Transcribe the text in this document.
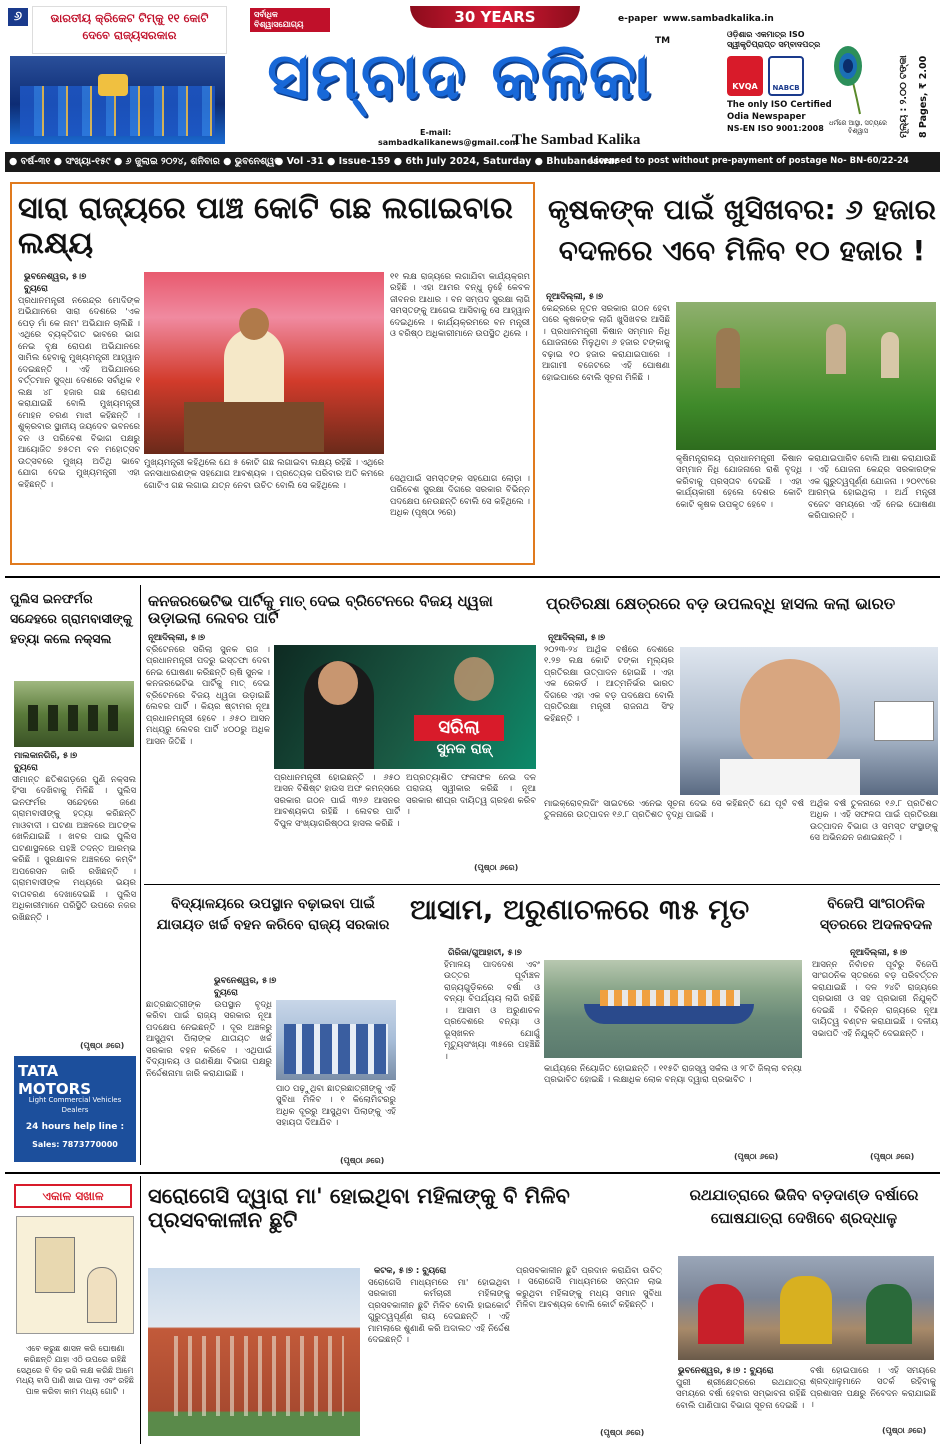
୬	ଭାରତୀୟ କ୍ରିକେଟ ଟିମ୍‌କୁ ୧୧ କୋଟି ଦେବେ ରାଜ୍ୟସରକାର
ସର୍ବାଧିକ ବିଶ୍ୱାସଯୋଗ୍ୟ ସମ୍ବାଦପତ୍ର
30 YEARS
ସମ୍ବାଦ କଳିକା TM
E-mail:
sambadkalikanews@gmail.com
The Sambad Kalika
e-paper www.sambadkalika.in
ଓଡ଼ିଶାର ଏକମାତ୍ର ISO ସ୍ୱୀକୃତିପ୍ରାପ୍ତ ସମ୍ବାଦପତ୍ର
KVQA	NABCB
The only ISO Certified
Odia Newspaper
NS-EN ISO 9001:2008
ଧର୍ମରେ ଆସ୍ଥା, ସତ୍ୟରେ ବିଶ୍ୱାସ	ମୂଲ୍ୟ : ୨.୦୦ ଟଙ୍କା 8 Pages, ₹ 2.00
● ବର୍ଷ-୩୧ ● ସଂଖ୍ୟା-୧୫୯ ● ୬ ଜୁଲାଇ ୨୦୨୪, ଶନିବାର ● ଭୁବନେଶ୍ୱର
● Vol -31 ● Issue-159 ● 6th July 2024, Saturday ● Bhubaneswar
Licensed to post without pre-payment of postage No- BN-60/22-24
ସାରା ରାଜ୍ୟରେ ପାଞ୍ଚ କୋଟି ଗଛ ଲଗାଇବାର ଲକ୍ଷ୍ୟ
ଭୁବନେଶ୍ୱର, ୫।୭
ବ୍ୟୁରୋ
ପ୍ରଧାନମନ୍ତ୍ରୀ ନରେନ୍ଦ୍ର ମୋଦିଙ୍କ ଅଭିଯାନରେ ସାରା ଦେଶରେ 'ଏକ ପେଡ଼ ମାଁ କେ ନାମ' ଅଭିଯାନ ଚାଲିଛି । ଏଥିରେ ବ୍ୟକ୍ତିଗତ ଭାବରେ ଭାଗ ନେଇ ବୃକ୍ଷ ରୋପଣ ଅଭିଯାନରେ ସାମିଲ ହେବାକୁ ମୁଖ୍ୟମନ୍ତ୍ରୀ ଆହ୍ୱାନ ଦେଇଛନ୍ତି । ଏହି ଅଭିଯାନରେ ବର୍ତ୍ତମାନ ସୁଦ୍ଧା ଦେଶରେ ସର୍ବାଧିକ ୧ ଲକ୍ଷ ୪୮ ହଜାର ଗଛ ରୋପଣ କରାଯାଇଛି ବୋଲି ମୁଖ୍ୟମନ୍ତ୍ରୀ ମୋହନ ଚରଣ ମାଝୀ କହିଛନ୍ତି । ଶୁକ୍ରବାର ସ୍ଥାନୀୟ ଜୟଦେବ ଭବନରେ ବନ ଓ ପରିବେଶ ବିଭାଗ ପକ୍ଷରୁ ଆୟୋଜିତ ୭୫ତମ ବନ ମହୋତ୍ସବ ଉତ୍ସବରେ ମୁଖ୍ୟ ଅତିଥି ଭାବେ ଯୋଗ ଦେଇ ମୁଖ୍ୟମନ୍ତ୍ରୀ ଏହା କହିଛନ୍ତି ।
ମୁଖ୍ୟମନ୍ତ୍ରୀ କହିଥିଲେ ଯେ ୫ କୋଟି ଗଛ ଲଗାଇବା ଲକ୍ଷ୍ୟ ରହିଛି । ଏଥିରେ ଜନସାଧାରଣଙ୍କ ସହଯୋଗ ଆବଶ୍ୟକ । ପ୍ରତ୍ୟେକ ପରିବାର ଅତି କମରେ ଗୋଟିଏ ଗଛ ଲଗାଇ ଯତ୍ନ ନେବା ଉଚିତ ବୋଲି ସେ କହିଥିଲେ ।
୧୧ ଲକ୍ଷ ରାଜ୍ୟରେ ଲଗାଯିବା କାର୍ଯ୍ୟକ୍ରମ ରହିଛି । ଏହା ଆମର ବନ୍ଧୁ ନୁହେଁ କେବଳ ଜୀବନର ଆଧାର । ବନ ସମ୍ପଦ ସୁରକ୍ଷା ଲାଗି ସମସ୍ତଙ୍କୁ ଆଗେଇ ଆସିବାକୁ ସେ ଆହ୍ୱାନ ଦେଇଥିଲେ । କାର୍ଯ୍ୟକ୍ରମରେ ବନ ମନ୍ତ୍ରୀ ଓ ବରିଷ୍ଠ ଅଧିକାରୀମାନେ ଉପସ୍ଥିତ ଥିଲେ ।
ସେଥିପାଇଁ ସମସ୍ତଙ୍କ ସହଯୋଗ ଲୋଡ଼ା । ପରିବେଶ ସୁରକ୍ଷା ଦିଗରେ ସରକାର ବିଭିନ୍ନ ପଦକ୍ଷେପ ନେଉଛନ୍ତି ବୋଲି ସେ କହିଥିଲେ । ଅଧିକ (ପୃଷ୍ଠା ୨ରେ)
କୃଷକଙ୍କ ପାଇଁ ଖୁସିଖବର: ୬ ହଜାର ବଦଳରେ ଏବେ ମିଳିବ ୧୦ ହଜାର !
ନୂଆଦିଲ୍ଲୀ, ୫।୭
କେନ୍ଦ୍ରରେ ନୂତନ ସରକାର ଗଠନ ହେବା ପରେ କୃଷକଙ୍କ ଲାଗି ଖୁସିଖବର ଆସିଛି । ପ୍ରଧାନମନ୍ତ୍ରୀ କିଷାନ ସମ୍ମାନ ନିଧି ଯୋଜନାରେ ମିଳୁଥିବା ୬ ହଜାର ଟଙ୍କାକୁ ବଢ଼ାଇ ୧୦ ହଜାର କରାଯାଇପାରେ । ଆଗାମୀ ବଜେଟରେ ଏହି ଘୋଷଣା ହୋଇପାରେ ବୋଲି ସୂଚନା ମିଳିଛି ।
କୃଷିମନ୍ତ୍ରାଳୟ ପ୍ରଧାନମନ୍ତ୍ରୀ କିଷାନ ସମ୍ମାନ ନିଧି ଯୋଜନାରେ ରାଶି ବୃଦ୍ଧି କରିବାକୁ ପ୍ରସ୍ତାବ ଦେଇଛି । ଏହା କାର୍ଯ୍ୟକାରୀ ହେଲେ ଦେଶର କୋଟି କୋଟି କୃଷକ ଉପକୃତ ହେବେ ।
କରାଯାଇପାରିବ ବୋଲି ଆଶା କରାଯାଉଛି । ଏହି ଯୋଜନା କେନ୍ଦ୍ର ସରକାରଙ୍କ ଏକ ଗୁରୁତ୍ୱପୂର୍ଣ୍ଣ ଯୋଜନା । ୨୦୧୯ରେ ଆରମ୍ଭ ହୋଇଥିଲା । ଅର୍ଥ ମନ୍ତ୍ରୀ ବଜେଟ ସମୟରେ ଏହି ନେଇ ଘୋଷଣା କରିପାରନ୍ତି ।
ପୁଲିସ ଇନଫର୍ମର ସନ୍ଦେହରେ ଗ୍ରାମବାସୀଙ୍କୁ ହତ୍ୟା କଲେ ନକ୍ସଲ
ମାଲକାନଗିରି, ୫।୭
ବ୍ୟୁରୋ
ସୀମାନ୍ତ ଛତିଶଗଡ଼ରେ ପୁଣି ନକ୍ସଲ ହିଂସା ଦେଖିବାକୁ ମିଳିଛି । ପୁଲିସ ଇନଫର୍ମର ସନ୍ଦେହରେ ଜଣେ ଗ୍ରାମବାସୀଙ୍କୁ ହତ୍ୟା କରିଛନ୍ତି ମାଓବାଦୀ । ଘଟଣା ଅଞ୍ଚଳରେ ଆତଙ୍କ ଖେଳିଯାଇଛି । ଖବର ପାଇ ପୁଲିସ ଘଟଣାସ୍ଥଳରେ ପହଞ୍ଚି ତଦନ୍ତ ଆରମ୍ଭ କରିଛି । ସୁରକ୍ଷାବଳ ଅଞ୍ଚଳରେ କମ୍ବିଂ ଅପରେସନ ଜାରି ରଖିଛନ୍ତି । ଗ୍ରାମବାସୀଙ୍କ ମଧ୍ୟରେ ଭୟର ବାତାବରଣ ଦେଖାଦେଇଛି । ପୁଲିସ ଅଧିକାରୀମାନେ ପରିସ୍ଥିତି ଉପରେ ନଜର ରଖିଛନ୍ତି ।
(ପୃଷ୍ଠା ୬ରେ)
TATA MOTORS
Light Commercial Vehicles
Dealers
24 hours help line :
Sales: 7873770000
କନଜରଭେଟିଭ ପାର୍ଟିକୁ ମାତ୍ ଦେଇ ବ୍ରିଟେନରେ ବିଜୟ ଧ୍ୱଜା ଉଡ଼ାଇଲା ଲେବର ପାର୍ଟି
ନୂଆଦିଲ୍ଲୀ, ୫।୭
ବ୍ରିଟେନରେ ସରିଲା ସୁନକ ରାଜ । ପ୍ରଧାନମନ୍ତ୍ରୀ ପଦରୁ ଇସ୍ତଫା ଦେବା ନେଇ ଘୋଷଣା କରିଛନ୍ତି ଋଷି ସୁନକ । କନଜରଭେଟିଭ ପାର୍ଟିକୁ ମାତ୍ ଦେଇ ବ୍ରିଟେନରେ ବିଜୟ ଧ୍ୱଜା ଉଡ଼ାଇଛି ଲେବର ପାର୍ଟି । କିୟର ଷ୍ଟାମର ନୂଆ ପ୍ରଧାନମନ୍ତ୍ରୀ ହେବେ । ୬୫୦ ଆସନ ମଧ୍ୟରୁ ଲେବର ପାର୍ଟି ୪୦୦ରୁ ଅଧିକ ଆସନ ଜିତିଛି ।
ସରିଲା
ସୁନକ ରାଜ୍
ପ୍ରଧାନମନ୍ତ୍ରୀ ହୋଇଛନ୍ତି । ୬୫୦ ଆସନ ବିଶିଷ୍ଟ ହାଉସ ଅଫ କମନ୍ସରେ ସରକାର ଗଠନ ପାଇଁ ୩୨୬ ଆସନର ଆବଶ୍ୟକତା ରହିଛି । ଲେବର ପାର୍ଟି ବିପୁଳ ସଂଖ୍ୟାଗରିଷ୍ଠତା ହାସଲ କରିଛି ।
ଅପ୍ରତ୍ୟାଶିତ ଫଳାଫଳ ନେଇ ଦଳ ପରାଜୟ ସ୍ୱୀକାର କରିଛି । ନୂଆ ସରକାର ଶୀଘ୍ର ଦାୟିତ୍ୱ ଗ୍ରହଣ କରିବ ।
(ପୃଷ୍ଠା ୬ରେ)
ପ୍ରତିରକ୍ଷା କ୍ଷେତ୍ରରେ ବଡ଼ ଉପଲବ୍ଧି ହାସଲ କଲା ଭାରତ
ନୂଆଦିଲ୍ଲୀ, ୫।୭
୨୦୨୩-୨୪ ଆର୍ଥିକ ବର୍ଷରେ ଦେଶରେ ୧.୨୭ ଲକ୍ଷ କୋଟି ଟଙ୍କା ମୂଲ୍ୟର ପ୍ରତିରକ୍ଷା ଉତ୍ପାଦନ ହୋଇଛି । ଏହା ଏକ ରେକର୍ଡ । ଆତ୍ମନିର୍ଭର ଭାରତ ଦିଗରେ ଏହା ଏକ ବଡ଼ ପଦକ୍ଷେପ ବୋଲି ପ୍ରତିରକ୍ଷା ମନ୍ତ୍ରୀ ରାଜନାଥ ସିଂହ କହିଛନ୍ତି ।
ମାଇକ୍ରୋବ୍ଲଗିଂ ସାଇଟରେ ଏନେଇ ସୂଚନା ଦେଇ ସେ କହିଛନ୍ତି ଯେ ପୂର୍ବ ବର୍ଷ ତୁଳନାରେ ଉତ୍ପାଦନ ୧୬.୮ ପ୍ରତିଶତ ବୃଦ୍ଧି ପାଇଛି ।
ଅର୍ଥିକ ବର୍ଷ ତୁଳନାରେ ୧୬.୮ ପ୍ରତିଶତ ଅଧିକ । ଏହି ସଫଳତା ପାଇଁ ପ୍ରତିରକ୍ଷା ଉତ୍ପାଦନ ବିଭାଗ ଓ ସମସ୍ତ ସଂସ୍ଥାଙ୍କୁ ସେ ଅଭିନନ୍ଦନ ଜଣାଇଛନ୍ତି ।
ବିଦ୍ୟାଳୟରେ ଉପସ୍ଥାନ ବଢ଼ାଇବା ପାଇଁ ଯାତାୟତ ଖର୍ଚ୍ଚ ବହନ କରିବେ ରାଜ୍ୟ ସରକାର
ଭୁବନେଶ୍ୱର, ୫।୭
ବ୍ୟୁରୋ
ଛାତ୍ରଛାତ୍ରୀଙ୍କ ଉପସ୍ଥାନ ବୃଦ୍ଧି କରିବା ପାଇଁ ରାଜ୍ୟ ସରକାର ନୂଆ ପଦକ୍ଷେପ ନେଇଛନ୍ତି । ଦୂର ଅଞ୍ଚଳରୁ ଆସୁଥିବା ପିଲାଙ୍କ ଯାତାୟତ ଖର୍ଚ୍ଚ ସରକାର ବହନ କରିବେ । ଏଥିପାଇଁ ବିଦ୍ୟାଳୟ ଓ ଗଣଶିକ୍ଷା ବିଭାଗ ପକ୍ଷରୁ ନିର୍ଦ୍ଦେଶନାମା ଜାରି କରାଯାଇଛି ।
ପାଠ ପଢ଼ୁଥିବା ଛାତ୍ରଛାତ୍ରୀଙ୍କୁ ଏହି ସୁବିଧା ମିଳିବ । ୧ କିଲୋମିଟରରୁ ଅଧିକ ଦୂରରୁ ଆସୁଥିବା ପିଲାଙ୍କୁ ଏହି ସହାୟତା ଦିଆଯିବ ।
(ପୃଷ୍ଠା ୬ରେ)
ଆସାମ, ଅରୁଣାଚଳରେ ୩୫ ମୃତ
ଗିରିଜା/ଗୁଆହାଟୀ, ୫।୭
ହିମାଳୟ ପାଦଦେଶ ଏବଂ ଉତ୍ତର ପୂର୍ବାଞ୍ଚଳ ରାଜ୍ୟଗୁଡ଼ିକରେ ବର୍ଷା ଓ ବନ୍ୟା ବିପର୍ଯ୍ୟୟ ଲାଗି ରହିଛି । ଆସାମ ଓ ଅରୁଣାଚଳ ପ୍ରଦେଶରେ ବନ୍ୟା ଓ ଭୂସ୍ଖଳନ ଯୋଗୁଁ ମୃତ୍ୟୁସଂଖ୍ୟା ୩୫ରେ ପହଞ୍ଚିଛି ।
କାର୍ଯ୍ୟରେ ନିୟୋଜିତ ହୋଇଛନ୍ତି । ୧୧୫ଟି ରାଜସ୍ୱ ସର୍କଲ ଓ ୨୮ଟି ଜିଲ୍ଲା ବନ୍ୟା ପ୍ରଭାବିତ ହୋଇଛି । ଲକ୍ଷାଧିକ ଲୋକ ବନ୍ୟା ଦ୍ୱାରା ପ୍ରଭାବିତ ।
(ପୃଷ୍ଠା ୬ରେ)
ବିଜେପି ସାଂଗଠନିକ ସ୍ତରରେ ଅଦଳବଦଳ
ନୂଆଦିଲ୍ଲୀ, ୫।୭
ଆସନ୍ନ ନିର୍ବାଚନ ପୂର୍ବରୁ ବିଜେପି ସାଂଗଠନିକ ସ୍ତରରେ ବଡ଼ ପରିବର୍ତ୍ତନ କରାଯାଇଛି । ଦଳ ୨୪ଟି ରାଜ୍ୟରେ ପ୍ରଭାରୀ ଓ ସହ ପ୍ରଭାରୀ ନିଯୁକ୍ତି ଦେଇଛି । ବିଭିନ୍ନ ରାଜ୍ୟରେ ନୂଆ ଦାୟିତ୍ୱ ବଣ୍ଟନ କରାଯାଇଛି । ଦଳୀୟ ସଭାପତି ଏହି ନିଯୁକ୍ତି ଦେଇଛନ୍ତି ।
(ପୃଷ୍ଠା ୬ରେ)
ଏକାଳ ସଖାଳ
ଏବେ କରୁଛ ଶାସନ କରି ଘୋଷଣା କରିଛନ୍ତି ଯାହା ଏଠି ଉପରେ ରହିଛି ସେଥିରେ ବି ଦିହ ଭରି ଲକ୍ଷ କରିଛି ଆମେ ମଧ୍ୟ ବାସି ପାଣି ଖାଇ ପାଲା ଏବଂ ରହିଛି ପାଳ କରିବା କାମ ମଧ୍ୟ ଗୋଟି ।
ସରୋଗେସି ଦ୍ୱାରା ମା' ହୋଇଥିବା ମହିଳାଙ୍କୁ ବି ମିଳିବ ପ୍ରସବକାଳୀନ ଛୁଟି
କଟକ, ୫।୭ : ବ୍ୟୁରୋ
ସରୋଗେସି ମାଧ୍ୟମରେ ମା' ହୋଇଥିବା ସରକାରୀ କର୍ମଚାରୀ ମହିଳାଙ୍କୁ ପ୍ରସବକାଳୀନ ଛୁଟି ମିଳିବ ବୋଲି ହାଇକୋର୍ଟ ଗୁରୁତ୍ୱପୂର୍ଣ୍ଣ ରାୟ ଦେଇଛନ୍ତି । ଏହି ମାମଲାରେ ଶୁଣାଣି କରି ଅଦାଲତ ଏହି ନିର୍ଦ୍ଦେଶ ଦେଇଛନ୍ତି ।
ପ୍ରସବକାଳୀନ ଛୁଟି ପ୍ରଦାନ କରାଯିବା ଉଚିତ୍ । ସରୋଗେସି ମାଧ୍ୟମରେ ସନ୍ତାନ ଲାଭ କରୁଥିବା ମହିଳାଙ୍କୁ ମଧ୍ୟ ସମାନ ସୁବିଧା ମିଳିବା ଆବଶ୍ୟକ ବୋଲି କୋର୍ଟ କହିଛନ୍ତି ।
(ପୃଷ୍ଠା ୬ରେ)
ରଥଯାତ୍ରାରେ ଭିଜିବ ବଡ଼ଦାଣ୍ଡ ବର୍ଷାରେ ଘୋଷଯାତ୍ରା ଦେଖିବେ ଶ୍ରଦ୍ଧାଳୁ
ଭୁବନେଶ୍ୱର, ୫।୭ : ବ୍ୟୁରୋ
ପୁରୀ ଶ୍ରୀକ୍ଷେତ୍ରରେ ରଥଯାତ୍ରା ସମୟରେ ବର୍ଷା ହେବାର ସମ୍ଭାବନା ରହିଛି ବୋଲି ପାଣିପାଗ ବିଭାଗ ସୂଚନା ଦେଇଛି ।
ବର୍ଷା ହୋଇପାରେ । ଏହି ସମୟରେ ଶ୍ରଦ୍ଧାଳୁମାନେ ସତର୍କ ରହିବାକୁ ପ୍ରଶାସନ ପକ୍ଷରୁ ନିବେଦନ କରାଯାଇଛି ।
(ପୃଷ୍ଠା ୬ରେ)
